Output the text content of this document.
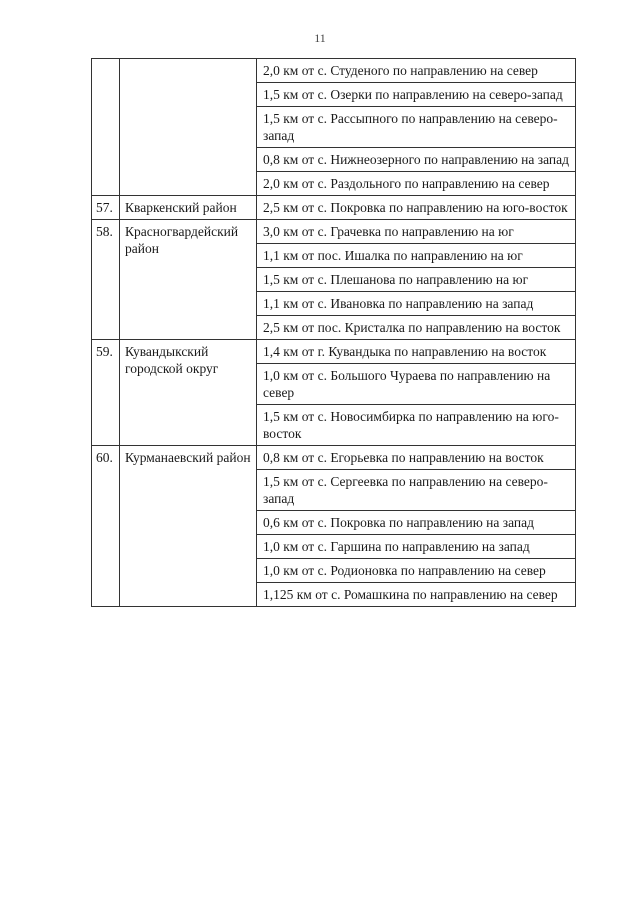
11
		2,0 км от с. Студеного по направлению на север
		1,5 км от с. Озерки по направлению на северо-запад
		1,5 км от с. Рассыпного по направлению на северо-запад
		0,8 км от с. Нижнеозерного по направлению на запад
		2,0 км от с. Раздольного по направлению на север
57.	Кваркенский район	2,5 км от с. Покровка по направлению на юго-восток
58.	Красногвардейский район	3,0 км от с. Грачевка по направлению на юг
		1,1 км от пос. Ишалка по направлению на юг
		1,5 км от с. Плешанова по направлению на юг
		1,1 км от с. Ивановка по направлению на запад
		2,5 км от пос. Кристалка по направлению на восток
59.	Кувандыкский городской округ	1,4 км от г. Кувандыка по направлению на восток
		1,0 км от с. Большого Чураева по направлению на север
		1,5 км от с. Новосимбирка по направлению на юго-восток
60.	Курманаевский район	0,8 км от с. Егорьевка по направлению на восток
		1,5 км от с. Сергеевка по направлению на северо-запад
		0,6 км от с. Покровка по направлению на запад
		1,0 км от с. Гаршина по направлению на запад
		1,0 км от с. Родионовка по направлению на север
		1,125 км от с. Ромашкина по направлению на север
